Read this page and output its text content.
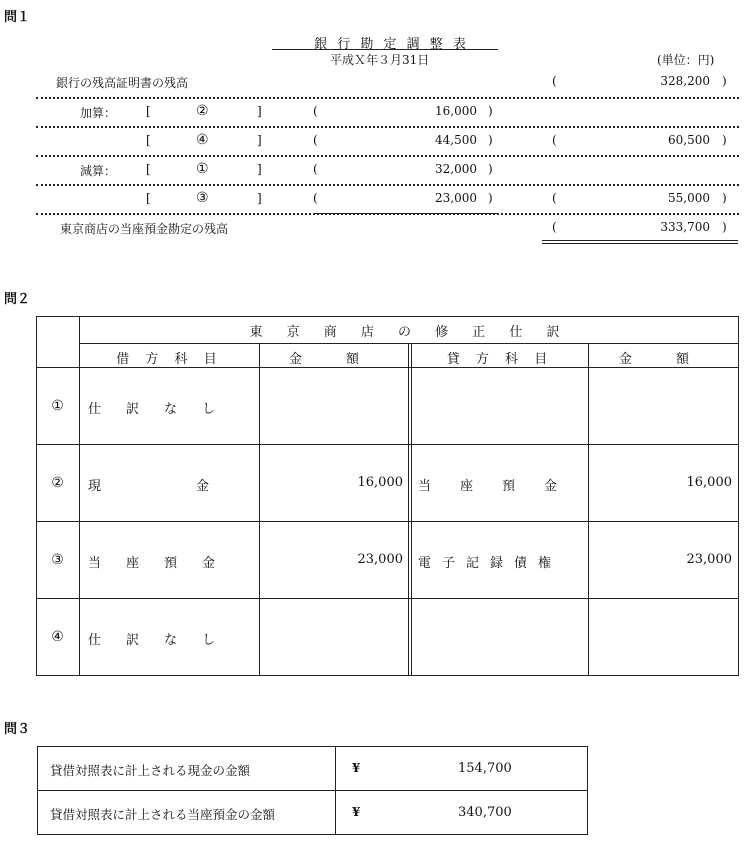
問１
銀 行 勘 定 調 整 表
平成Ｘ年３月31日	(単位：円)
銀行の残高証明書の残高	(	328,200 )
加算： [	②	]	(	16,000 )
[	④	]	(	44,500 )	(	60,500 )
減算： [	①	]	(	32,000 )
[	③	]	(	23,000 )	(	55,000 )
東京商店の当座預金勘定の残高	(	333,700 )
問２
東 京 商 店 の 修 正 仕 訳
借 方 科 目	金 額	貸 方 科 目	金 額
①	仕　訳　な　し
②	現　　　　　金	16,000 当　座　預　金	16,000
③	当　座　預　金	23,000 電子記録債権	23,000
④	仕　訳　な　し
問３
貸借対照表に計上される現金の金額	¥	154,700
貸借対照表に計上される当座預金の金額	¥	340,700
